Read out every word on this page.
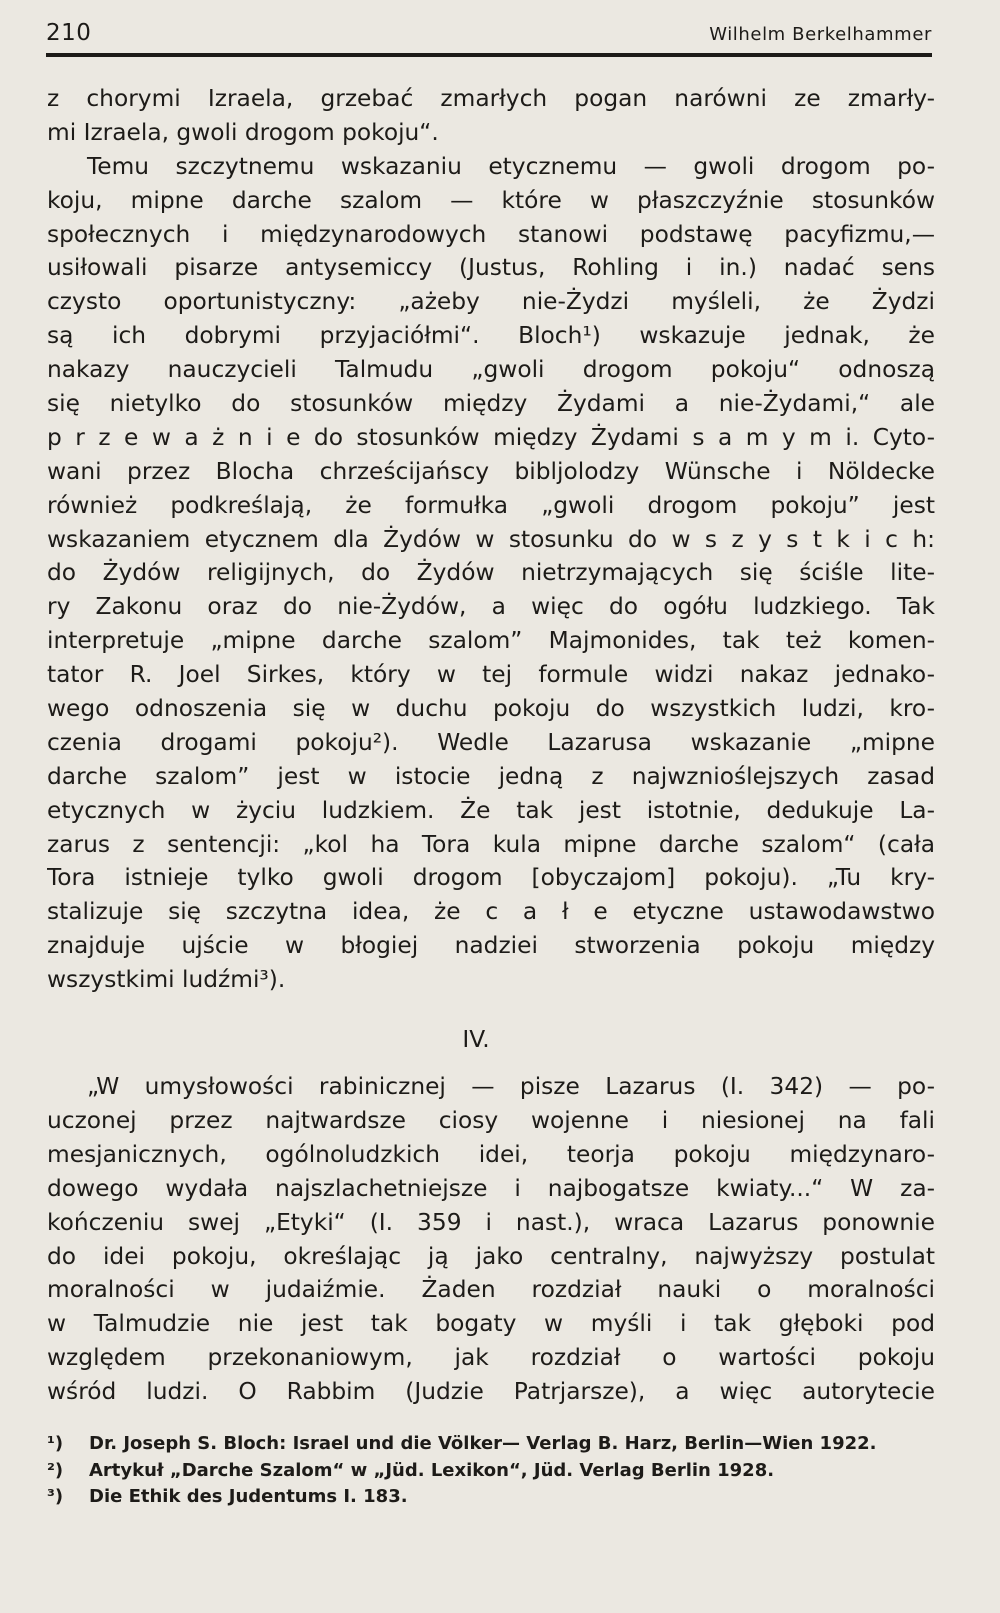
210	Wilhelm Berkelhammer
z chorymi Izraela, grzebać zmarłych pogan narówni ze zmarły-
mi Izraela, gwoli drogom pokoju“.
Temu szczytnemu wskazaniu etycznemu — gwoli drogom po-
koju, mipne darche szalom — które w płaszczyźnie stosunków
społecznych i międzynarodowych stanowi podstawę pacyfizmu,—
usiłowali pisarze antysemiccy (Justus, Rohling i in.) nadać sens
czysto oportunistyczny: „ażeby nie-Żydzi myśleli, że Żydzi
są ich dobrymi przyjaciółmi“. Bloch¹) wskazuje jednak, że
nakazy nauczycieli Talmudu „gwoli drogom pokoju“ odnoszą
się nietylko do stosunków między Żydami a nie-Żydami,“ ale
p r z e w a ż n i e do stosunków między Żydami s a m y m i. Cyto-
wani przez Blocha chrześcijańscy bibljolodzy Wünsche i Nöldecke
również podkreślają, że formułka „gwoli drogom pokoju” jest
wskazaniem etycznem dla Żydów w stosunku do w s z y s t k i c h:
do Żydów religijnych, do Żydów nietrzymających się ściśle lite-
ry Zakonu oraz do nie-Żydów, a więc do ogółu ludzkiego. Tak
interpretuje „mipne darche szalom” Majmonides, tak też komen-
tator R. Joel Sirkes, który w tej formule widzi nakaz jednako-
wego odnoszenia się w duchu pokoju do wszystkich ludzi, kro-
czenia drogami pokoju²). Wedle Lazarusa wskazanie „mipne
darche szalom” jest w istocie jedną z najwznioślejszych zasad
etycznych w życiu ludzkiem. Że tak jest istotnie, dedukuje La-
zarus z sentencji: „kol ha Tora kula mipne darche szalom“ (cała
Tora istnieje tylko gwoli drogom [obyczajom] pokoju). „Tu kry-
stalizuje się szczytna idea, że c a ł e etyczne ustawodawstwo
znajduje ujście w błogiej nadziei stworzenia pokoju między
wszystkimi ludźmi³).
IV.
„W umysłowości rabinicznej — pisze Lazarus (I. 342) — po-
uczonej przez najtwardsze ciosy wojenne i niesionej na fali
mesjanicznych, ogólnoludzkich idei, teorja pokoju międzynaro-
dowego wydała najszlachetniejsze i najbogatsze kwiaty...“ W za-
kończeniu swej „Etyki“ (I. 359 i nast.), wraca Lazarus ponownie
do idei pokoju, określając ją jako centralny, najwyższy postulat
moralności w judaiźmie. Żaden rozdział nauki o moralności
w Talmudzie nie jest tak bogaty w myśli i tak głęboki pod
względem przekonaniowym, jak rozdział o wartości pokoju
wśród ludzi. O Rabbim (Judzie Patrjarsze), a więc autorytecie
¹)	Dr. Joseph S. Bloch: Israel und die Völker— Verlag B. Harz, Berlin—Wien 1922.
²)	Artykuł „Darche Szalom“ w „Jüd. Lexikon“, Jüd. Verlag Berlin 1928.
³)	Die Ethik des Judentums I. 183.
